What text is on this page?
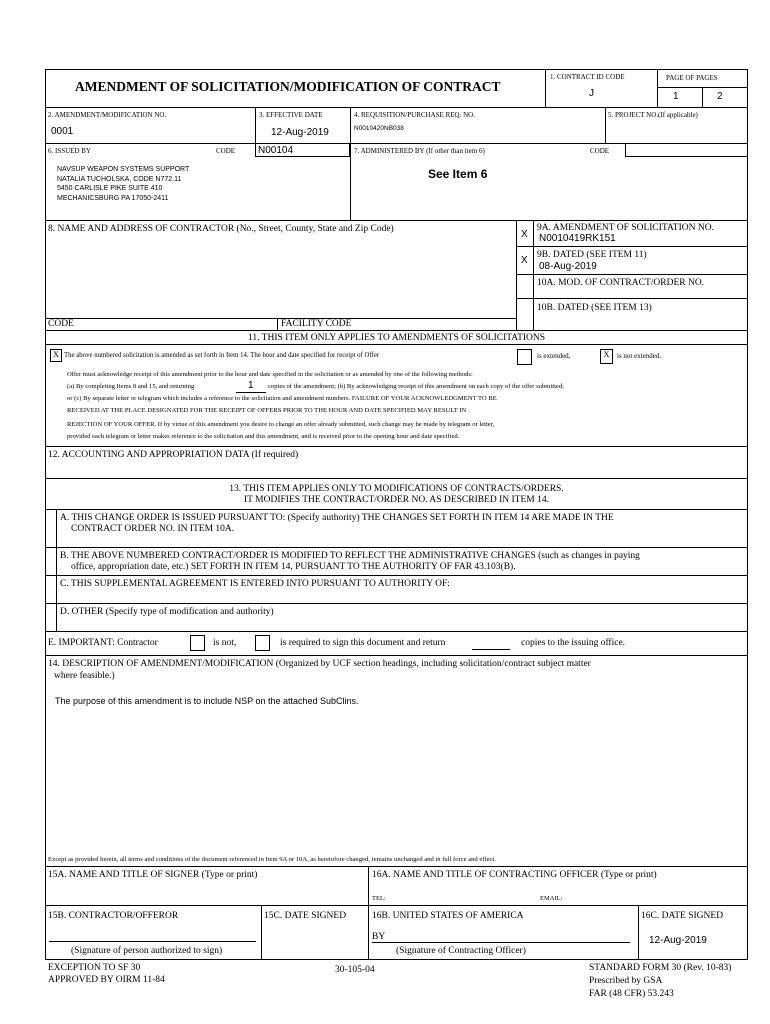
AMENDMENT OF SOLICITATION/MODIFICATION OF CONTRACT
1. CONTRACT ID CODE
J
PAGE OF PAGES
1	2
2. AMENDMENT/MODIFICATION NO.
0001
3. EFFECTIVE DATE
12-Aug-2019
4. REQUISITION/PURCHASE REQ. NO.
N0010420NB038
5. PROJECT NO.(If applicable)
6. ISSUED BY	CODE N00104
NAVSUP WEAPON SYSTEMS SUPPORT
NATALIA TUCHOLSKA, CODE N772.11
5450 CARLISLE PIKE SUITE 410
MECHANICSBURG PA 17050-2411
7. ADMINISTERED BY (If other than item 6)	CODE
See Item 6
8. NAME AND ADDRESS OF CONTRACTOR (No., Street, County, State and Zip Code)	X
9A. AMENDMENT OF SOLICITATION NO.
N0010419RK151
X 9B. DATED (SEE ITEM 11)
08-Aug-2019
10A. MOD. OF CONTRACT/ORDER NO.
10B. DATED (SEE ITEM 13)
CODE	FACILITY CODE
11. THIS ITEM ONLY APPLIES TO AMENDMENTS OF SOLICITATIONS
X The above numbered solicitation is amended as set forth in Item 14. The hour and date specified for receipt of Offer	is extended,	X	is not extended.
Offer must acknowledge receipt of this amendment prior to the hour and date specified in the solicitation or as amended by one of the following methods:
(a) By completing Items 8 and 15, and returning	1 copies of the amendment; (b) By acknowledging receipt of this amendment on each copy of the offer submitted;
or (c) By separate letter or telegram which includes a reference to the solicitation and amendment numbers. FAILURE OF YOUR ACKNOWLEDGMENT TO BE
RECEIVED AT THE PLACE DESIGNATED FOR THE RECEIPT OF OFFERS PRIOR TO THE HOUR AND DATE SPECIFIED MAY RESULT IN
REJECTION OF YOUR OFFER. If by virtue of this amendment you desire to change an offer already submitted, such change may be made by telegram or letter,
provided each telegram or letter makes reference to the solicitation and this amendment, and is received prior to the opening hour and date specified.
12. ACCOUNTING AND APPROPRIATION DATA (If required)
13. THIS ITEM APPLIES ONLY TO MODIFICATIONS OF CONTRACTS/ORDERS.
IT MODIFIES THE CONTRACT/ORDER NO. AS DESCRIBED IN ITEM 14.
A. THIS CHANGE ORDER IS ISSUED PURSUANT TO: (Specify authority) THE CHANGES SET FORTH IN ITEM 14 ARE MADE IN THE
CONTRACT ORDER NO. IN ITEM 10A.
B. THE ABOVE NUMBERED CONTRACT/ORDER IS MODIFIED TO REFLECT THE ADMINISTRATIVE CHANGES (such as changes in paying
office, appropriation date, etc.) SET FORTH IN ITEM 14, PURSUANT TO THE AUTHORITY OF FAR 43.103(B).
C. THIS SUPPLEMENTAL AGREEMENT IS ENTERED INTO PURSUANT TO AUTHORITY OF:
D. OTHER (Specify type of modification and authority)
E. IMPORTANT: Contractor	is not,	is required to sign this document and return	copies to the issuing office.
14. DESCRIPTION OF AMENDMENT/MODIFICATION (Organized by UCF section headings, including solicitation/contract subject matter
where feasible.)
The purpose of this amendment is to include NSP on the attached SubClins.
Except as provided herein, all terms and conditions of the document referenced in Item 9A or 10A, as heretofore changed, remains unchanged and in full force and effect.
15A. NAME AND TITLE OF SIGNER (Type or print)	16A. NAME AND TITLE OF CONTRACTING OFFICER (Type or print)
TEL:	EMAIL:
15B. CONTRACTOR/OFFEROR
(Signature of person authorized to sign)
15C. DATE SIGNED	16B. UNITED STATES OF AMERICA
BY
(Signature of Contracting Officer)
16C. DATE SIGNED
12-Aug-2019
EXCEPTION TO SF 30
APPROVED BY OIRM 11-84
30-105-04	STANDARD FORM 30 (Rev. 10-83)
Prescribed by GSA
FAR (48 CFR) 53.243
